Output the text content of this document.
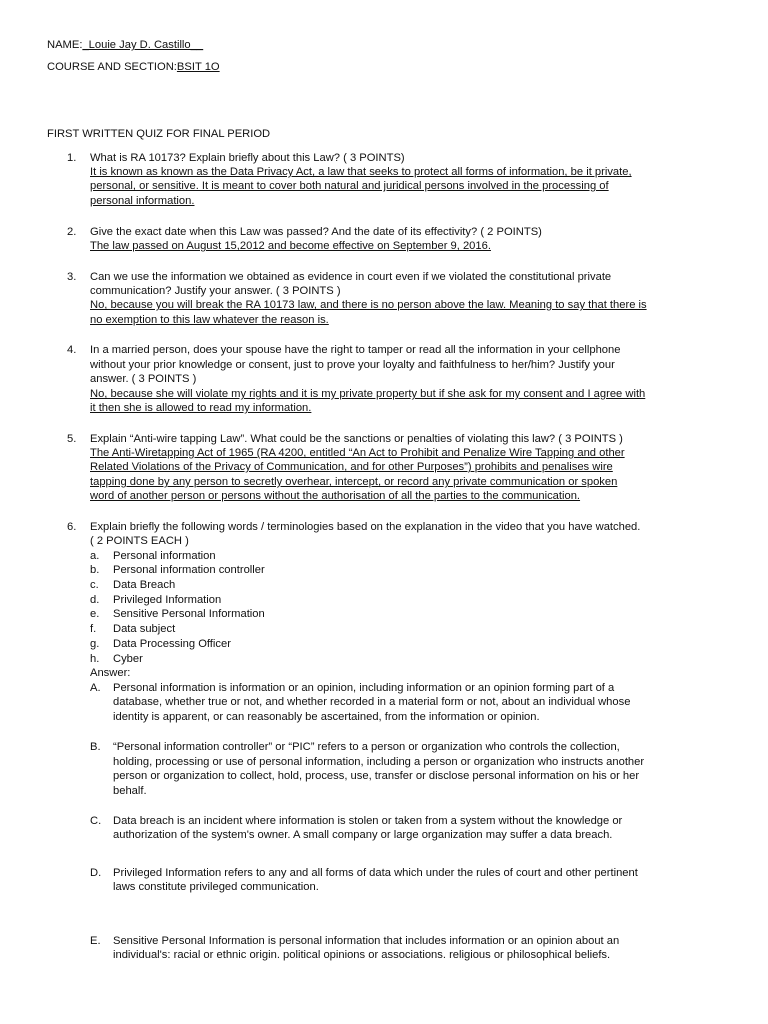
NAME:_Louie Jay D. Castillo__
COURSE AND SECTION:BSIT 1O
FIRST WRITTEN QUIZ FOR FINAL PERIOD
1. What is RA 10173? Explain briefly about this Law? ( 3 POINTS)
It is known as known as the Data Privacy Act, a law that seeks to protect all forms of information, be it private,
personal, or sensitive. It is meant to cover both natural and juridical persons involved in the processing of
personal information.
2. Give the exact date when this Law was passed? And the date of its effectivity? ( 2 POINTS)
The law passed on August 15,2012 and become effective on September 9, 2016.
3. Can we use the information we obtained as evidence in court even if we violated the constitutional private
communication? Justify your answer. ( 3 POINTS )
No, because you will break the RA 10173 law, and there is no person above the law. Meaning to say that there is
no exemption to this law whatever the reason is.
4. In a married person, does your spouse have the right to tamper or read all the information in your cellphone
without your prior knowledge or consent, just to prove your loyalty and faithfulness to her/him? Justify your
answer. ( 3 POINTS )
No, because she will violate my rights and it is my private property but if she ask for my consent and I agree with
it then she is allowed to read my information.
5. Explain “Anti-wire tapping Law”. What could be the sanctions or penalties of violating this law? ( 3 POINTS )
The Anti-Wiretapping Act of 1965 (RA 4200, entitled “An Act to Prohibit and Penalize Wire Tapping and other
Related Violations of the Privacy of Communication, and for other Purposes”) prohibits and penalises wire
tapping done by any person to secretly overhear, intercept, or record any private communication or spoken
word of another person or persons without the authorisation of all the parties to the communication.
6. Explain briefly the following words / terminologies based on the explanation in the video that you have watched.
( 2 POINTS EACH )
a. Personal information
b. Personal information controller
c. Data Breach
d. Privileged Information
e. Sensitive Personal Information
f. Data subject
g. Data Processing Officer
h. Cyber
Answer:
A. Personal information is information or an opinion, including information or an opinion forming part of a
database, whether true or not, and whether recorded in a material form or not, about an individual whose
identity is apparent, or can reasonably be ascertained, from the information or opinion.
B. “Personal information controller” or “PIC” refers to a person or organization who controls the collection,
holding, processing or use of personal information, including a person or organization who instructs another
person or organization to collect, hold, process, use, transfer or disclose personal information on his or her
behalf.
C. Data breach is an incident where information is stolen or taken from a system without the knowledge or
authorization of the system's owner. A small company or large organization may suffer a data breach.
D. Privileged Information refers to any and all forms of data which under the rules of court and other pertinent
laws constitute privileged communication.
E. Sensitive Personal Information is personal information that includes information or an opinion about an
individual's: racial or ethnic origin. political opinions or associations. religious or philosophical beliefs.
